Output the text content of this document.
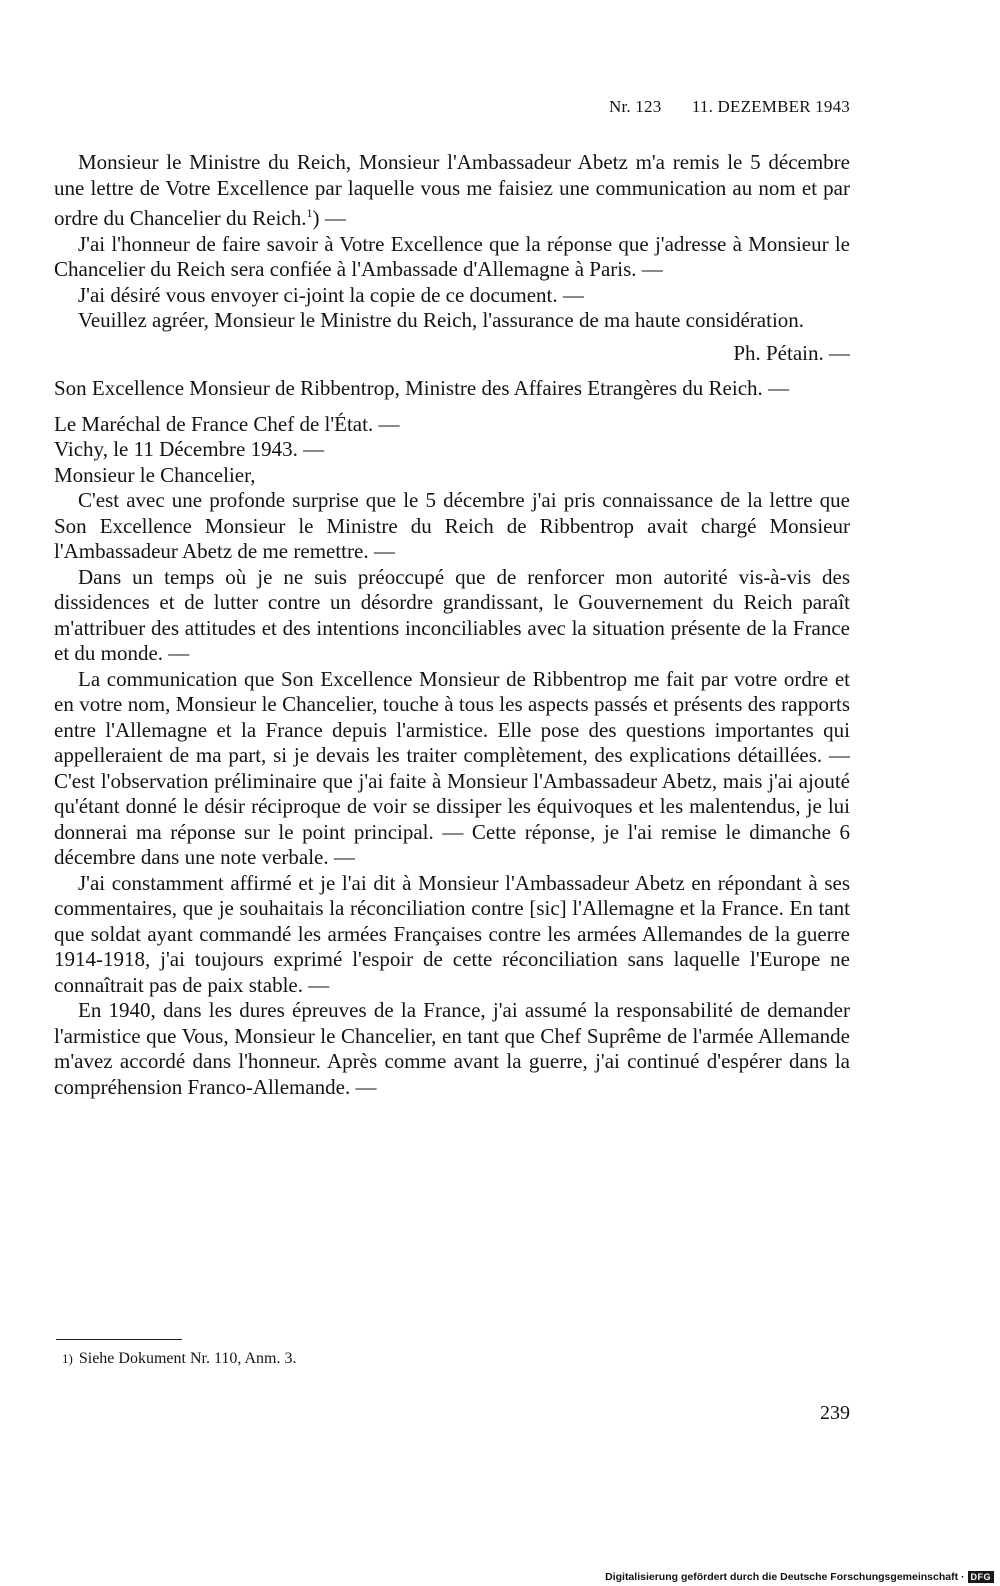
Nr. 123 11. DEZEMBER 1943

Monsieur le Ministre du Reich, Monsieur l'Ambassadeur Abetz m'a remis le 5 décembre une lettre de Votre Excellence par laquelle vous me faisiez une communication au nom et par ordre du Chancelier du Reich.$^1$) —

J'ai l'honneur de faire savoir à Votre Excellence que la réponse que j'adresse à Monsieur le Chancelier du Reich sera confiée à l'Ambassade d'Allemagne à Paris. —

J'ai désiré vous envoyer ci-joint la copie de ce document. —

Veuillez agréer, Monsieur le Ministre du Reich, l'assurance de ma haute considération.

Ph. Pétain. —

Son Excellence Monsieur de Ribbentrop, Ministre des Affaires Etrangères du Reich. —

Le Maréchal de France Chef de l'État. —

Vichy, le 11 Décembre 1943. —

Monsieur le Chancelier,

C'est avec une profonde surprise que le 5 décembre j'ai pris connaissance de la lettre que Son Excellence Monsieur le Ministre du Reich de Ribbentrop avait chargé Monsieur l'Ambassadeur Abetz de me remettre. —

Dans un temps où je ne suis préoccupé que de renforcer mon autorité vis-à-vis des dissidences et de lutter contre un désordre grandissant, le Gouvernement du Reich paraît m'attribuer des attitudes et des intentions inconciliables avec la situation présente de la France et du monde. —

La communication que Son Excellence Monsieur de Ribbentrop me fait par votre ordre et en votre nom, Monsieur le Chancelier, touche à tous les aspects passés et présents des rapports entre l'Allemagne et la France depuis l'armistice. Elle pose des questions importantes qui appelleraient de ma part, si je devais les traiter complètement, des explications détaillées. — C'est l'observation préliminaire que j'ai faite à Monsieur l'Ambassadeur Abetz, mais j'ai ajouté qu'étant donné le désir réciproque de voir se dissiper les équivoques et les malentendus, je lui donnerai ma réponse sur le point principal. — Cette réponse, je l'ai remise le dimanche 6 décembre dans une note verbale. —

J'ai constamment affirmé et je l'ai dit à Monsieur l'Ambassadeur Abetz en répondant à ses commentaires, que je souhaitais la réconciliation contre [sic] l'Allemagne et la France. En tant que soldat ayant commandé les armées Françaises contre les armées Allemandes de la guerre 1914-1918, j'ai toujours exprimé l'espoir de cette réconciliation sans laquelle l'Europe ne connaîtrait pas de paix stable. —

En 1940, dans les dures épreuves de la France, j'ai assumé la responsabilité de demander l'armistice que Vous, Monsieur le Chancelier, en tant que Chef Suprême de l'armée Allemande m'avez accordé dans l'honneur. Après comme avant la guerre, j'ai continué d'espérer dans la compréhension Franco-Allemande. —

1) Siehe Dokument Nr. 110, Anm. 3.
239
Digitalisierung gefördert durch die Deutsche Forschungsgemeinschaft · DFG
